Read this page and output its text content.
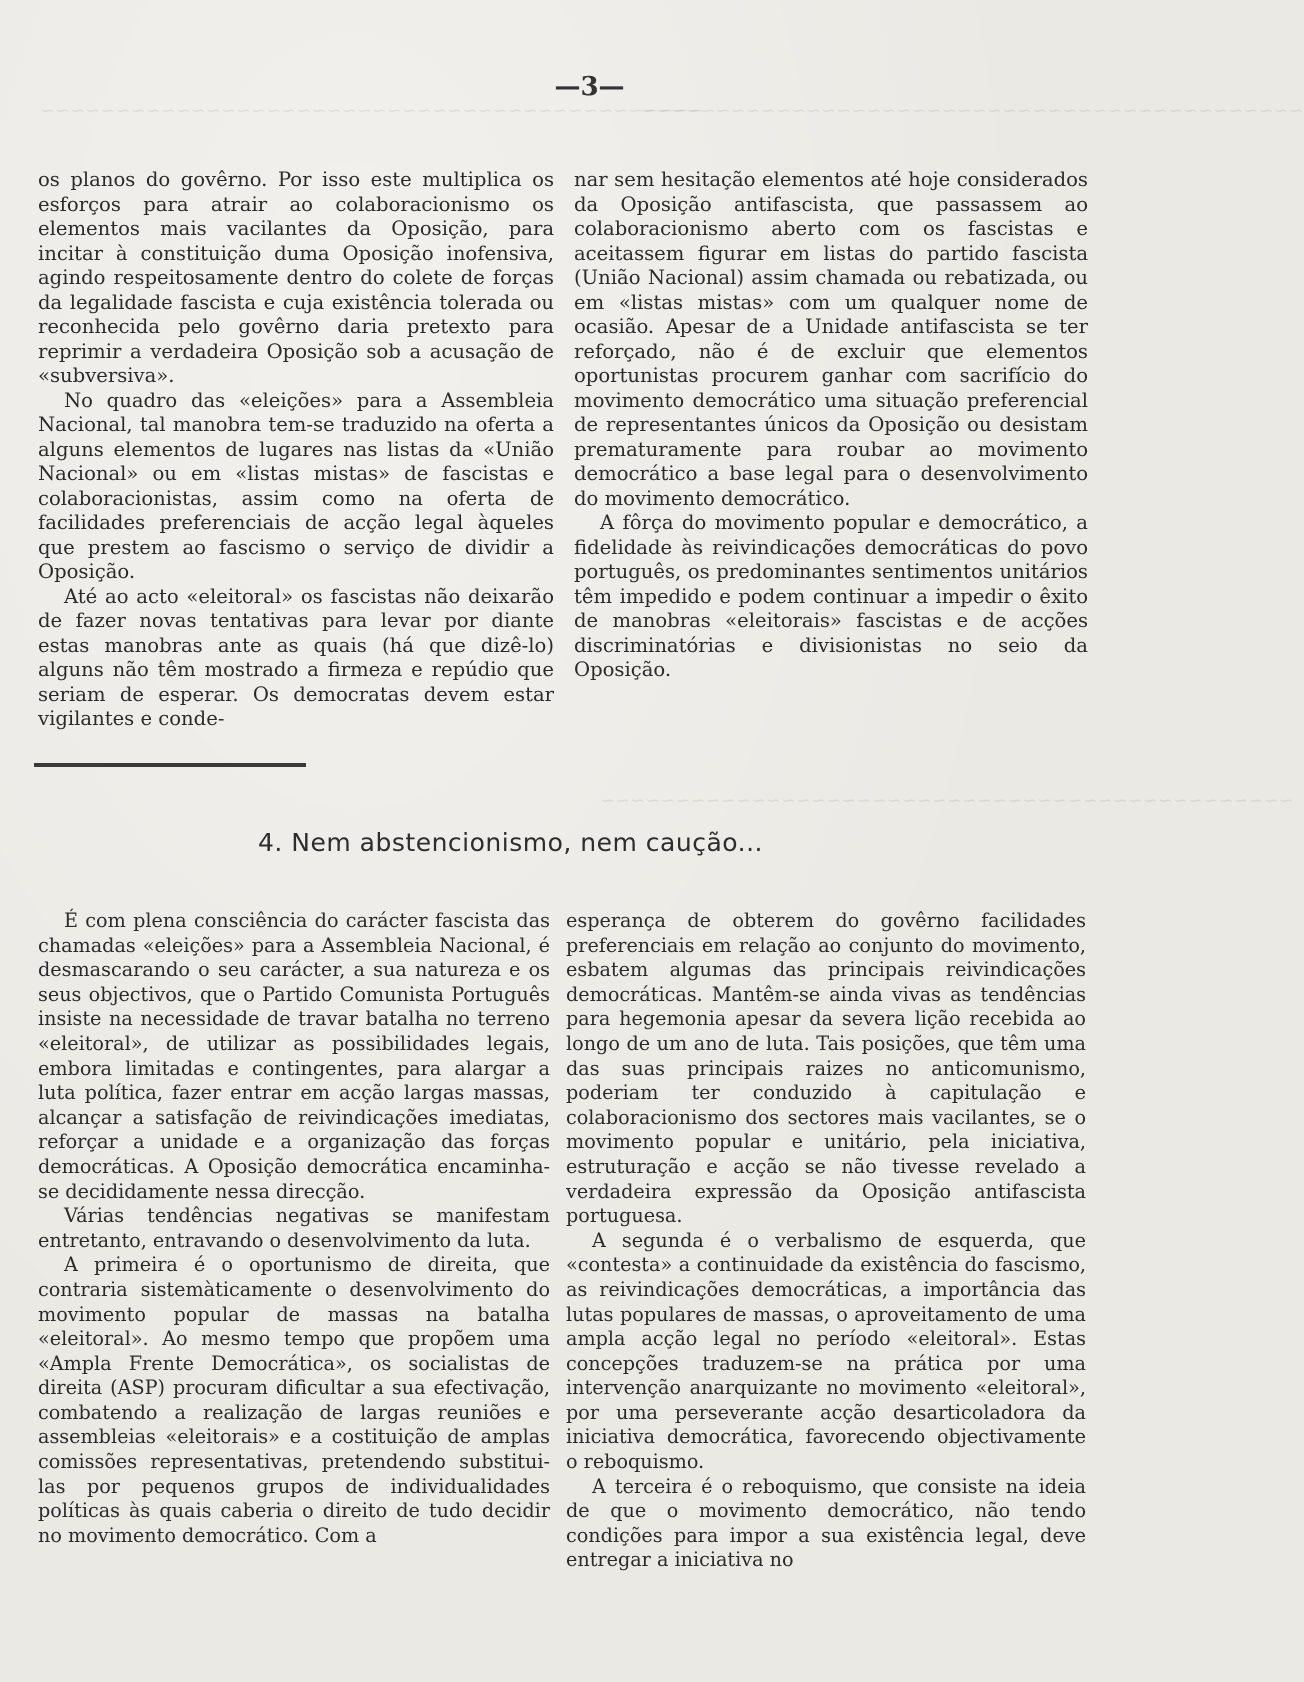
~~~~~~~~~~~~~~~~~~~~~~~~~~~~~~~~~~~~~~~~~~~~
~~~~~~~~~~~~~~~~~~~~~~~~~~~~~~~~~~~~~~~~~~~~
~~~~~~~~~~~~~~~~~~~~~~~~~~~~~~~~~~~~~~~~~~~~~~
—3—

os planos do govêrno. Por isso este multiplica os esforços para atrair ao colaboracionismo os elementos mais vacilantes da Oposição, para incitar à constituição duma Oposição inofensiva, agindo respeitosamente dentro do colete de forças da legalidade fascista e cuja existência tolerada ou reconhecida pelo govêrno daria pretexto para reprimir a verdadeira Oposição sob a acusação de «subversiva».

No quadro das «eleições» para a Assembleia Nacional, tal manobra tem-se traduzido na oferta a alguns elementos de lugares nas listas da «União Nacional» ou em «listas mistas» de fascistas e colaboracionistas, assim como na oferta de facilidades preferenciais de acção legal àqueles que prestem ao fascismo o serviço de dividir a Oposição.

Até ao acto «eleitoral» os fascistas não deixarão de fazer novas tentativas para levar por diante estas manobras ante as quais (há que dizê-lo) alguns não têm mostrado a firmeza e repúdio que seriam de esperar. Os democratas devem estar vigilantes e conde-

nar sem hesitação elementos até hoje considerados da Oposição antifascista, que passassem ao colaboracionismo aberto com os fascistas e aceitassem figurar em listas do partido fascista (União Nacional) assim chamada ou rebatizada, ou em «listas mistas» com um qualquer nome de ocasião. Apesar de a Unidade antifascista se ter reforçado, não é de excluir que elementos oportunistas procurem ganhar com sacrifício do movimento democrático uma situação preferencial de representantes únicos da Oposição ou desistam prematuramente para roubar ao movimento democrático a base legal para o desenvolvimento do movimento democrático.

A fôrça do movimento popular e democrático, a fidelidade às reivindicações democráticas do povo português, os predominantes sentimentos unitários têm impedido e podem continuar a impedir o êxito de manobras «eleitorais» fascistas e de acções discriminatórias e divisionistas no seio da Oposição.

4. Nem abstencionismo, nem caução...

É com plena consciência do carácter fascista das chamadas «eleições» para a Assembleia Nacional, é desmascarando o seu carácter, a sua natureza e os seus objectivos, que o Partido Comunista Português insiste na necessidade de travar batalha no terreno «eleitoral», de utilizar as possibilidades legais, embora limitadas e contingentes, para alargar a luta política, fazer entrar em acção largas massas, alcançar a satisfação de reivindicações imediatas, reforçar a unidade e a organização das forças democráticas. A Oposição democrática encaminha-se decididamente nessa direcção.

Várias tendências negativas se manifestam entretanto, entravando o desenvolvimento da luta.

A primeira é o oportunismo de direita, que contraria sistemàticamente o desenvolvimento do movimento popular de massas na batalha «eleitoral». Ao mesmo tempo que propõem uma «Ampla Frente Democrática», os socialistas de direita (ASP) procuram dificultar a sua efectivação, combatendo a realização de largas reuniões e assembleias «eleitorais» e a costituição de amplas comissões representativas, pretendendo substitui-las por pequenos grupos de individualidades políticas às quais caberia o direito de tudo decidir no movimento democrático. Com a

esperança de obterem do govêrno facilidades preferenciais em relação ao conjunto do movimento, esbatem algumas das principais reivindicações democráticas. Mantêm-se ainda vivas as tendências para hegemonia apesar da severa lição recebida ao longo de um ano de luta. Tais posições, que têm uma das suas principais raizes no anticomunismo, poderiam ter conduzido à capitulação e colaboracionismo dos sectores mais vacilantes, se o movimento popular e unitário, pela iniciativa, estruturação e acção se não tivesse revelado a verdadeira expressão da Oposição antifascista portuguesa.

A segunda é o verbalismo de esquerda, que «contesta» a continuidade da existência do fascismo, as reivindicações democráticas, a importância das lutas populares de massas, o aproveitamento de uma ampla acção legal no período «eleitoral». Estas concepções traduzem-se na prática por uma intervenção anarquizante no movimento «eleitoral», por uma perseverante acção desarticoladora da iniciativa democrática, favorecendo objectivamente o reboquismo.

A terceira é o reboquismo, que consiste na ideia de que o movimento democrático, não tendo condições para impor a sua existência legal, deve entregar a iniciativa no
